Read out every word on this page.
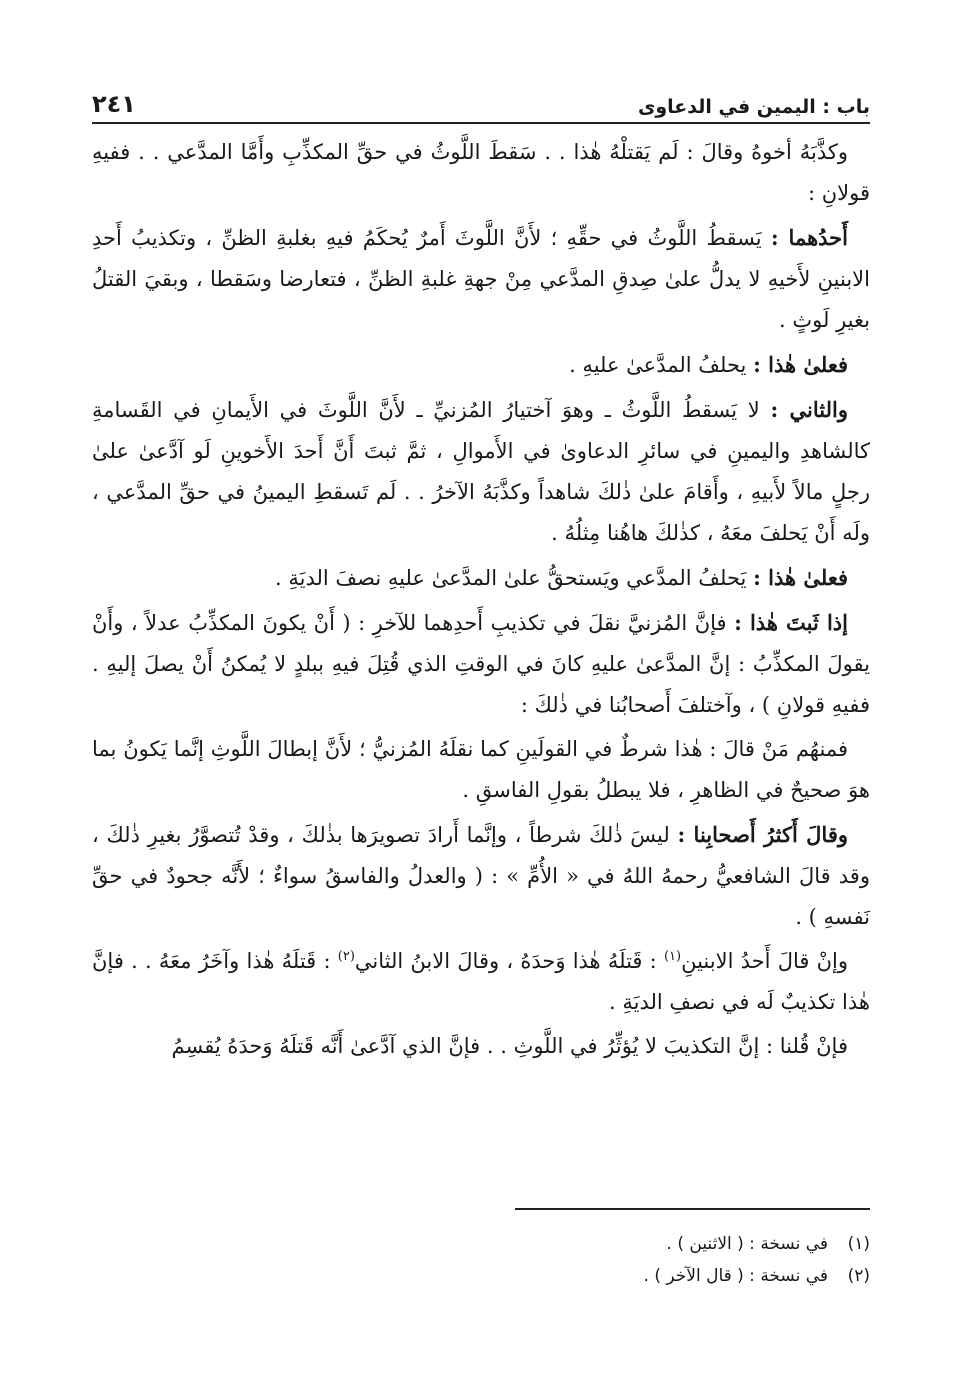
باب : اليمين في الدعاوى
٢٤١

وكذَّبَهُ أخوهُ وقالَ : لَم يَقتلْهُ هٰذا . . سَقطَ اللَّوثُ في حقِّ المكذِّبِ وأَمَّا المدَّعي . . ففيهِ قولانِ :

أَحدُهما : يَسقطُ اللَّوثُ في حقِّهِ ؛ لأَنَّ اللَّوثَ أَمرٌ يُحكَمُ فيهِ بغلبةِ الظنِّ ، وتكذيبُ أَحدِ الابنينِ لأَخيهِ لا يدلُّ علىٰ صِدقِ المدَّعي مِنْ جهةِ غلبةِ الظنِّ ، فتعارضا وسَقطا ، وبقيَ القتلُ بغيرِ لَوثٍ .

فعلىٰ هٰذا : يحلفُ المدَّعىٰ عليهِ .

والثاني : لا يَسقطُ اللَّوثُ ـ وهوَ آختيارُ المُزنيِّ ـ لأَنَّ اللَّوثَ في الأَيمانِ في القَسامةِ كالشاهدِ واليمينِ في سائرِ الدعاوىٰ في الأَموالِ ، ثمَّ ثبتَ أَنَّ أَحدَ الأَخوينِ لَو آدَّعىٰ علىٰ رجلٍ مالاً لأَبيهِ ، وأَقامَ علىٰ ذٰلكَ شاهداً وكذَّبَهُ الآخرُ . . لَم تَسقطِ اليمينُ في حقِّ المدَّعي ، ولَه أَنْ يَحلفَ معَهُ ، كذٰلكَ هاهُنا مِثلُهُ .

فعلىٰ هٰذا : يَحلفُ المدَّعي ويَستحقُّ علىٰ المدَّعىٰ عليهِ نصفَ الديَةِ .

إذا ثَبتَ هٰذا : فإنَّ المُزنيَّ نقلَ في تكذيبِ أَحدِهما للآخرِ : ( أَنْ يكونَ المكذِّبُ عدلاً ، وأَنْ يقولَ المكذِّبُ : إنَّ المدَّعىٰ عليهِ كانَ في الوقتِ الذي قُتِلَ فيهِ ببلدٍ لا يُمكنُ أَنْ يصلَ إليهِ . ففيهِ قولانِ ) ، وآختلفَ أَصحابُنا في ذٰلكَ :

فمنهُم مَنْ قالَ : هٰذا شرطٌ في القولَينِ كما نقلَهُ المُزنيُّ ؛ لأَنَّ إبطالَ اللَّوثِ إنَّما يَكونُ بما هوَ صحيحٌ في الظاهرِ ، فلا يبطلُ بقولِ الفاسقِ .

وقالَ أَكثرُ أَصحابِنا : ليسَ ذٰلكَ شرطاً ، وإنَّما أَرادَ تصويرَها بذٰلكَ ، وقدْ تُتصوَّرُ بغيرِ ذٰلكَ ، وقد قالَ الشافعيُّ رحمهُ اللهُ في « الأُمِّ » : ( والعدلُ والفاسقُ سواءٌ ؛ لأَنَّه جحودٌ في حقِّ نَفسهِ ) .

وإنْ قالَ أَحدُ الابنينِ$^{(١)}$ : قَتلَهُ هٰذا وَحدَهُ ، وقالَ الابنُ الثاني$^{(٢)}$ : قَتلَهُ هٰذا وآخَرُ معَهُ . . فإنَّ هٰذا تكذيبٌ لَه في نصفِ الديَةِ .

فإنْ قُلنا : إنَّ التكذيبَ لا يُؤثِّرُ في اللَّوثِ . . فإنَّ الذي آدَّعىٰ أَنَّه قَتلَهُ وَحدَهُ يُقسِمُ

(١)
في نسخة : ( الاثنين ) .
(٢)
في نسخة : ( قال الآخر ) .
